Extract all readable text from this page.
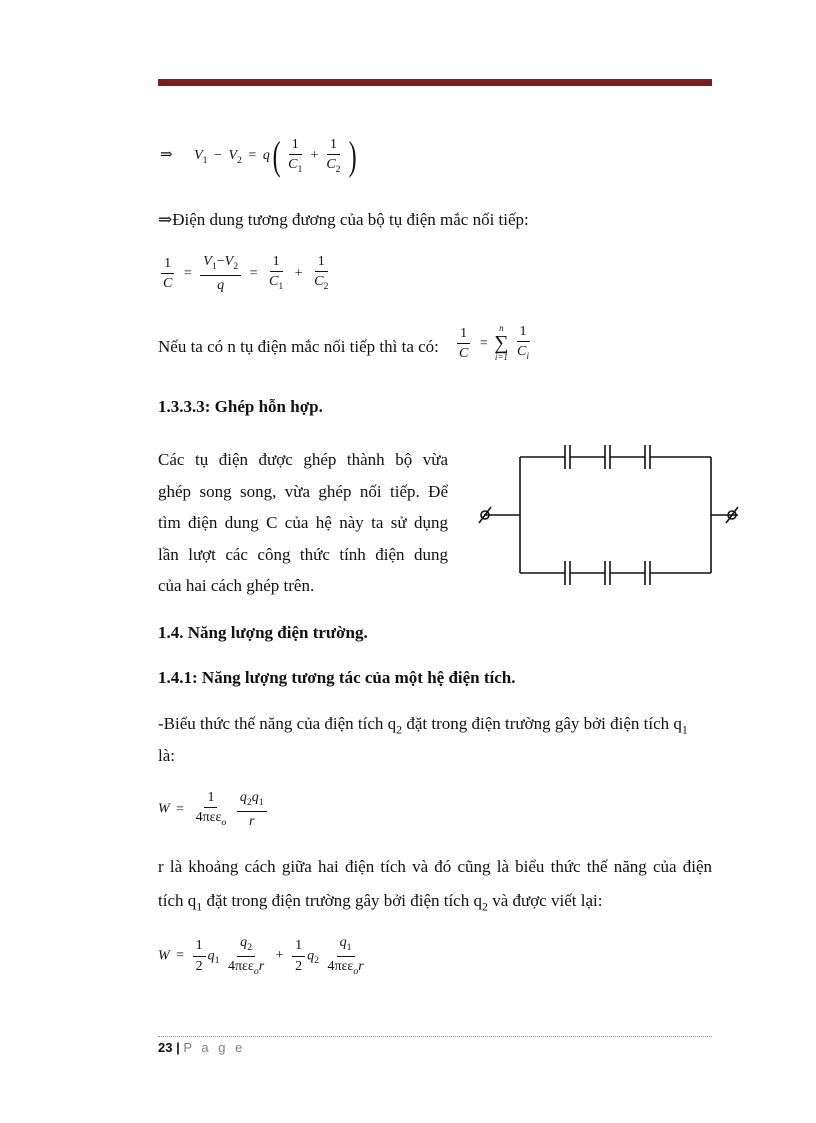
⇒ $V_1 - V_2 = q( \frac{1}{C_1} + \frac{1}{C_2}$ )
⇒Điện dung tương đương của bộ tụ điện mắc nối tiếp:
$\frac{1}{C} = \frac{V_1-V_2}{q} = \frac{1}{C_1} + \frac{1}{C_2}$
Nếu ta có n tụ điện mắc nối tiếp thì ta có: $\frac{1}{C}$ =
n
∑
i=1
$\frac{1}{C_i}$
1.3.3.3: Ghép hỗn hợp.
Các tụ điện được ghép thành bộ vừa
ghép song song, vừa ghép nối tiếp. Để
tìm điện dung C của hệ này ta sử dụng
lần lượt các công thức tính điện dung
của hai cách ghép trên.
1.4. Năng lượng điện trường.
1.4.1: Năng lượng tương tác của một hệ điện tích.
-Biểu thức thế năng của điện tích $q_2$ đặt trong điện trường gây bởi điện tích $q_1$
là:
$W = \frac{1}{4\pi\varepsilon\varepsilon_o}$
$\frac{q_2q_1}{r}$
r là khoảng cách giữa hai điện tích và đó cũng là biểu thức thế năng của điện
tích $q_1$ đặt trong điện trường gây bởi điện tích $q_2$ và được viết lại:
$W = \frac{1}{2} q_1 \frac{q_2}{4\pi\varepsilon\varepsilon_or} + \frac{1}{2} q_2 \frac{q_1}{4\pi\varepsilon\varepsilon_or}$
23 | P a g e
